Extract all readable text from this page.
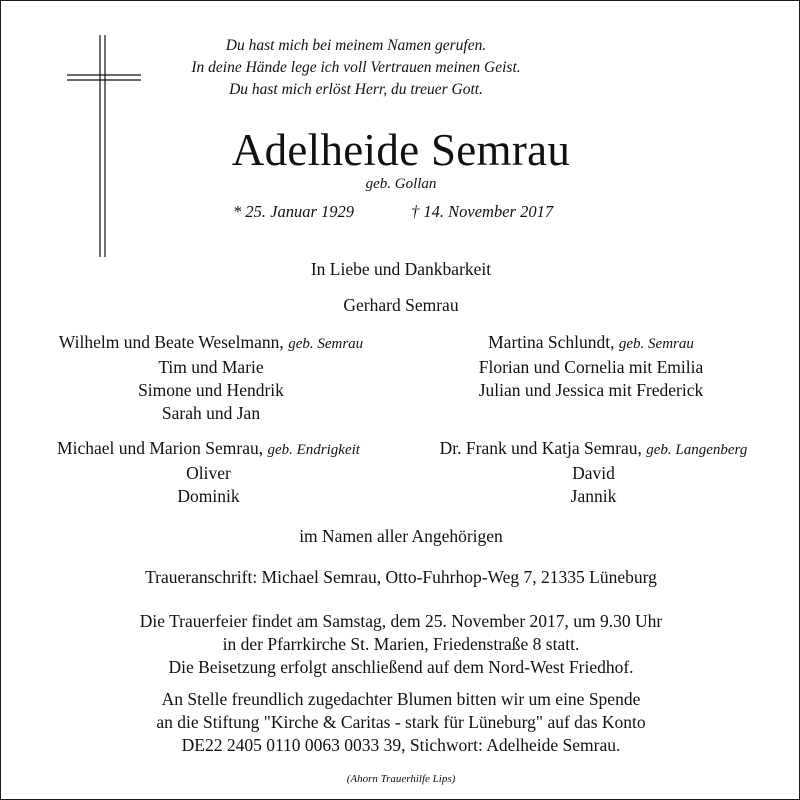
Du hast mich bei meinem Namen gerufen.
In deine Hände lege ich voll Vertrauen meinen Geist.
Du hast mich erlöst Herr, du treuer Gott.
Adelheide Semrau
geb. Gollan
* 25. Januar 1929	† 14. November 2017
In Liebe und Dankbarkeit
Gerhard Semrau
Wilhelm und Beate Weselmann, geb. Semrau
Tim und Marie
Simone und Hendrik
Sarah und Jan
Martina Schlundt, geb. Semrau
Florian und Cornelia mit Emilia
Julian und Jessica mit Frederick
Michael und Marion Semrau, geb. Endrigkeit
Oliver
Dominik
Dr. Frank und Katja Semrau, geb. Langenberg
David
Jannik
im Namen aller Angehörigen
Traueranschrift: Michael Semrau, Otto-Fuhrhop-Weg 7, 21335 Lüneburg
Die Trauerfeier findet am Samstag, dem 25. November 2017, um 9.30 Uhr
in der Pfarrkirche St. Marien, Friedenstraße 8 statt.
Die Beisetzung erfolgt anschließend auf dem Nord-West Friedhof.
An Stelle freundlich zugedachter Blumen bitten wir um eine Spende
an die Stiftung "Kirche & Caritas - stark für Lüneburg" auf das Konto
DE22 2405 0110 0063 0033 39, Stichwort: Adelheide Semrau.
(Ahorn Trauerhilfe Lips)
